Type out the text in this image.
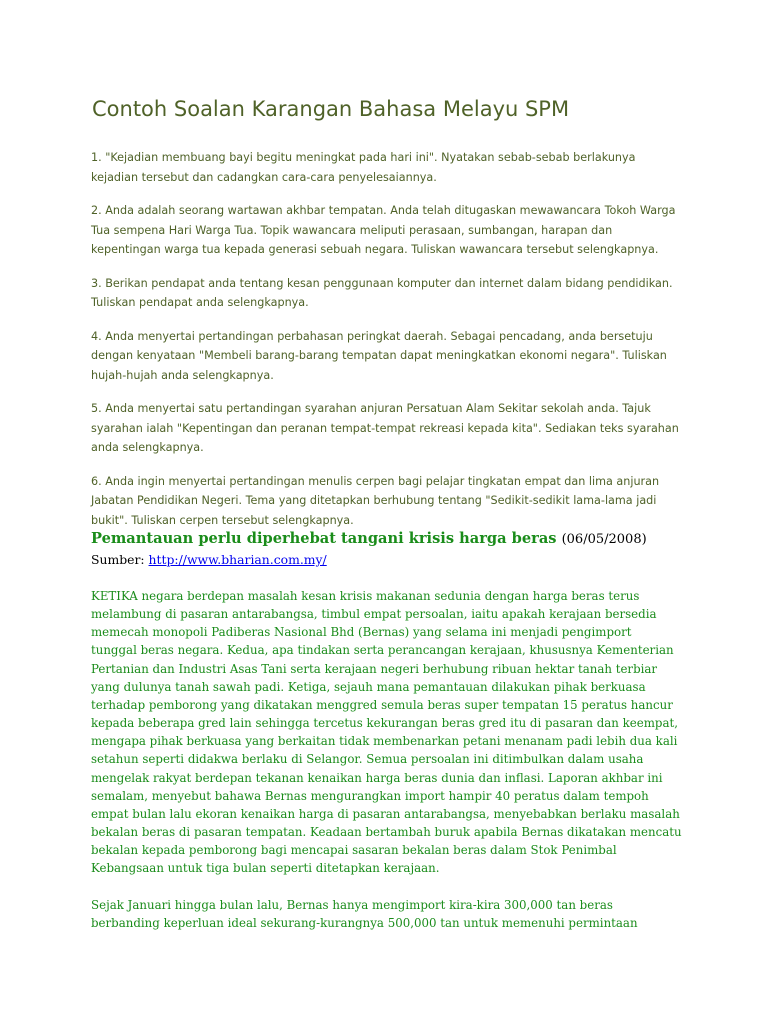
Contoh Soalan Karangan Bahasa Melayu SPM
1. "Kejadian membuang bayi begitu meningkat pada hari ini". Nyatakan sebab-sebab berlakunya
kejadian tersebut dan cadangkan cara-cara penyelesaiannya.
2. Anda adalah seorang wartawan akhbar tempatan. Anda telah ditugaskan mewawancara Tokoh Warga
Tua sempena Hari Warga Tua. Topik wawancara meliputi perasaan, sumbangan, harapan dan
kepentingan warga tua kepada generasi sebuah negara. Tuliskan wawancara tersebut selengkapnya.
3. Berikan pendapat anda tentang kesan penggunaan komputer dan internet dalam bidang pendidikan.
Tuliskan pendapat anda selengkapnya.
4. Anda menyertai pertandingan perbahasan peringkat daerah. Sebagai pencadang, anda bersetuju
dengan kenyataan "Membeli barang-barang tempatan dapat meningkatkan ekonomi negara". Tuliskan
hujah-hujah anda selengkapnya.
5. Anda menyertai satu pertandingan syarahan anjuran Persatuan Alam Sekitar sekolah anda. Tajuk
syarahan ialah "Kepentingan dan peranan tempat-tempat rekreasi kepada kita". Sediakan teks syarahan
anda selengkapnya.
6. Anda ingin menyertai pertandingan menulis cerpen bagi pelajar tingkatan empat dan lima anjuran
Jabatan Pendidikan Negeri. Tema yang ditetapkan berhubung tentang "Sedikit-sedikit lama-lama jadi
bukit". Tuliskan cerpen tersebut selengkapnya.
Pemantauan perlu diperhebat tangani krisis harga beras (06/05/2008)

Sumber: http://www.bharian.com.my/

KETIKA negara berdepan masalah kesan krisis makanan sedunia dengan harga beras terus
melambung di pasaran antarabangsa, timbul empat persoalan, iaitu apakah kerajaan bersedia
memecah monopoli Padiberas Nasional Bhd (Bernas) yang selama ini menjadi pengimport
tunggal beras negara. Kedua, apa tindakan serta perancangan kerajaan, khususnya Kementerian
Pertanian dan Industri Asas Tani serta kerajaan negeri berhubung ribuan hektar tanah terbiar
yang dulunya tanah sawah padi. Ketiga, sejauh mana pemantauan dilakukan pihak berkuasa
terhadap pemborong yang dikatakan menggred semula beras super tempatan 15 peratus hancur
kepada beberapa gred lain sehingga tercetus kekurangan beras gred itu di pasaran dan keempat,
mengapa pihak berkuasa yang berkaitan tidak membenarkan petani menanam padi lebih dua kali
setahun seperti didakwa berlaku di Selangor. Semua persoalan ini ditimbulkan dalam usaha
mengelak rakyat berdepan tekanan kenaikan harga beras dunia dan inflasi. Laporan akhbar ini
semalam, menyebut bahawa Bernas mengurangkan import hampir 40 peratus dalam tempoh
empat bulan lalu ekoran kenaikan harga di pasaran antarabangsa, menyebabkan berlaku masalah
bekalan beras di pasaran tempatan. Keadaan bertambah buruk apabila Bernas dikatakan mencatu
bekalan kepada pemborong bagi mencapai sasaran bekalan beras dalam Stok Penimbal
Kebangsaan untuk tiga bulan seperti ditetapkan kerajaan.

Sejak Januari hingga bulan lalu, Bernas hanya mengimport kira-kira 300,000 tan beras
berbanding keperluan ideal sekurang-kurangnya 500,000 tan untuk memenuhi permintaan
